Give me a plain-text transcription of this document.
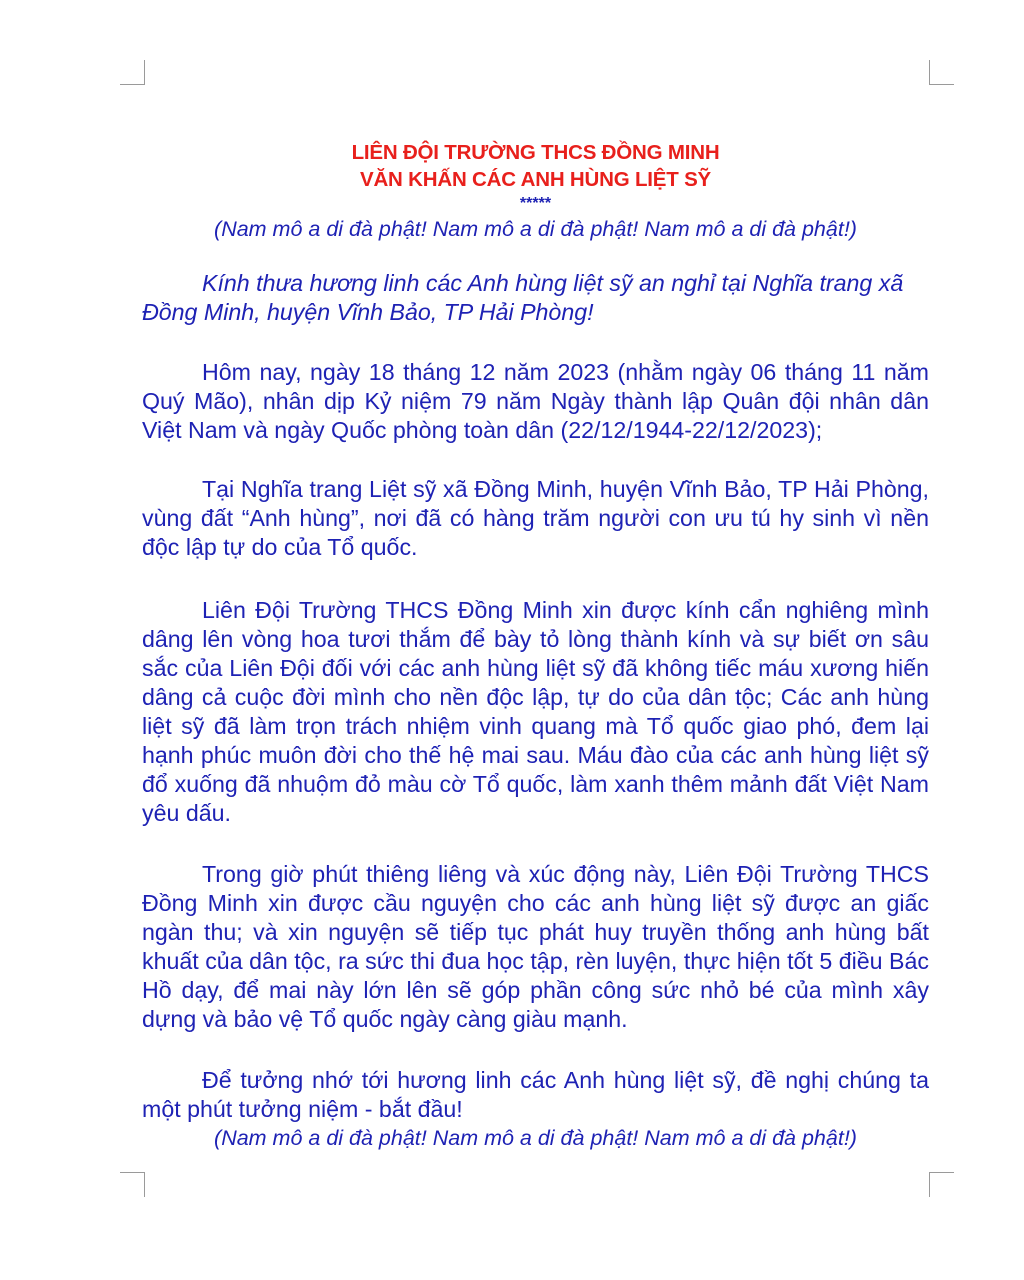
LIÊN ĐỘI TRƯỜNG THCS ĐỒNG MINH
VĂN KHẤN CÁC ANH HÙNG LIỆT SỸ
*****
(Nam mô a di đà phật! Nam mô a di đà phật! Nam mô a di đà phật!)

Kính thưa hương linh các Anh hùng liệt sỹ an nghỉ tại Nghĩa trang xã Đồng Minh, huyện Vĩnh Bảo, TP Hải Phòng!

Hôm nay, ngày 18 tháng 12 năm 2023 (nhằm ngày 06 tháng 11 năm Quý Mão), nhân dịp Kỷ niệm 79 năm Ngày thành lập Quân đội nhân dân Việt Nam và ngày Quốc phòng toàn dân (22/12/1944-22/12/2023);

Tại Nghĩa trang Liệt sỹ xã Đồng Minh, huyện Vĩnh Bảo, TP Hải Phòng, vùng đất “Anh hùng”, nơi đã có hàng trăm người con ưu tú hy sinh vì nền độc lập tự do của Tổ quốc.

Liên Đội Trường THCS Đồng Minh xin được kính cẩn nghiêng mình dâng lên vòng hoa tươi thắm để bày tỏ lòng thành kính và sự biết ơn sâu sắc của Liên Đội đối với các anh hùng liệt sỹ đã không tiếc máu xương hiến dâng cả cuộc đời mình cho nền độc lập, tự do của dân tộc; Các anh hùng liệt sỹ đã làm trọn trách nhiệm vinh quang mà Tổ quốc giao phó, đem lại hạnh phúc muôn đời cho thế hệ mai sau. Máu đào của các anh hùng liệt sỹ đổ xuống đã nhuộm đỏ màu cờ Tổ quốc, làm xanh thêm mảnh đất Việt Nam yêu dấu.

Trong giờ phút thiêng liêng và xúc động này, Liên Đội Trường THCS Đồng Minh xin được cầu nguyện cho các anh hùng liệt sỹ được an giấc ngàn thu; và xin nguyện sẽ tiếp tục phát huy truyền thống anh hùng bất khuất của dân tộc, ra sức thi đua học tập, rèn luyện, thực hiện tốt 5 điều Bác Hồ dạy, để mai này lớn lên sẽ góp phần công sức nhỏ bé của mình xây dựng và bảo vệ Tổ quốc ngày càng giàu mạnh.

Để tưởng nhớ tới hương linh các Anh hùng liệt sỹ, đề nghị chúng ta một phút tưởng niệm - bắt đầu!

(Nam mô a di đà phật! Nam mô a di đà phật! Nam mô a di đà phật!)
